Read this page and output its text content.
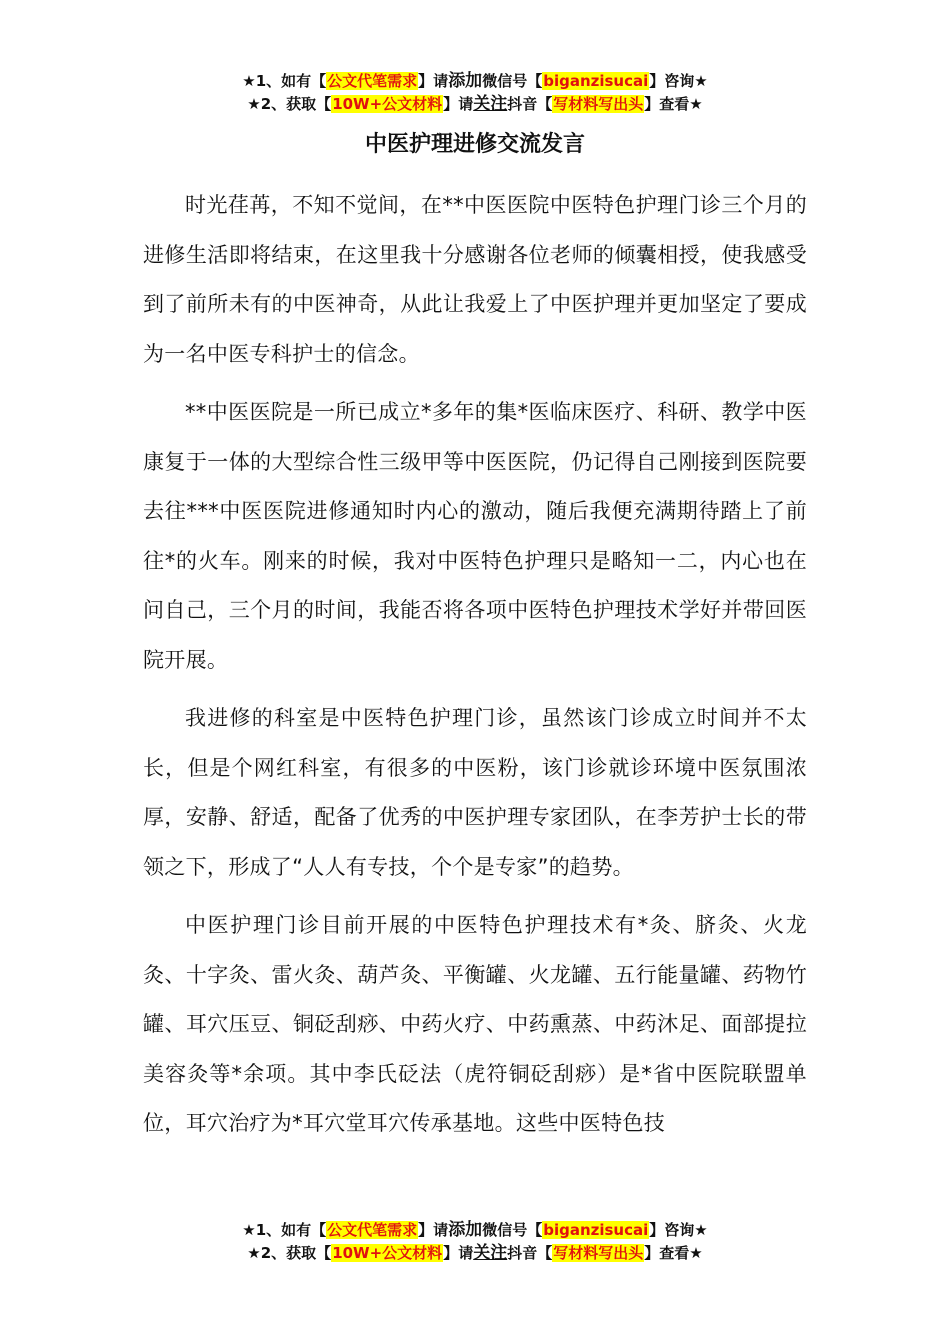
★1、如有【公文代笔需求】请添加微信号【biganzisucai】咨询★
★2、获取【10W+公文材料】请关注抖音【写材料写出头】查看★
中医护理进修交流发言

时光荏苒，不知不觉间，在**中医医院中医特色护理门诊三个月的进修生活即将结束，在这里我十分感谢各位老师的倾囊相授，使我感受到了前所未有的中医神奇，从此让我爱上了中医护理并更加坚定了要成为一名中医专科护士的信念。

**中医医院是一所已成立*多年的集*医临床医疗、科研、教学中医康复于一体的大型综合性三级甲等中医医院，仍记得自己刚接到医院要去往***中医医院进修通知时内心的激动，随后我便充满期待踏上了前往*的火车。刚来的时候，我对中医特色护理只是略知一二，内心也在问自己，三个月的时间，我能否将各项中医特色护理技术学好并带回医院开展。

我进修的科室是中医特色护理门诊，虽然该门诊成立时间并不太长，但是个网红科室，有很多的中医粉，该门诊就诊环境中医氛围浓厚，安静、舒适，配备了优秀的中医护理专家团队，在李芳护士长的带领之下，形成了“人人有专技，个个是专家”的趋势。

中医护理门诊目前开展的中医特色护理技术有*灸、脐灸、火龙灸、十字灸、雷火灸、葫芦灸、平衡罐、火龙罐、五行能量罐、药物竹罐、耳穴压豆、铜砭刮痧、中药火疗、中药熏蒸、中药沐足、面部提拉美容灸等*余项。其中李氏砭法（虎符铜砭刮痧）是*省中医院联盟单位，耳穴治疗为*耳穴堂耳穴传承基地。这些中医特色技

★1、如有【公文代笔需求】请添加微信号【biganzisucai】咨询★
★2、获取【10W+公文材料】请关注抖音【写材料写出头】查看★
